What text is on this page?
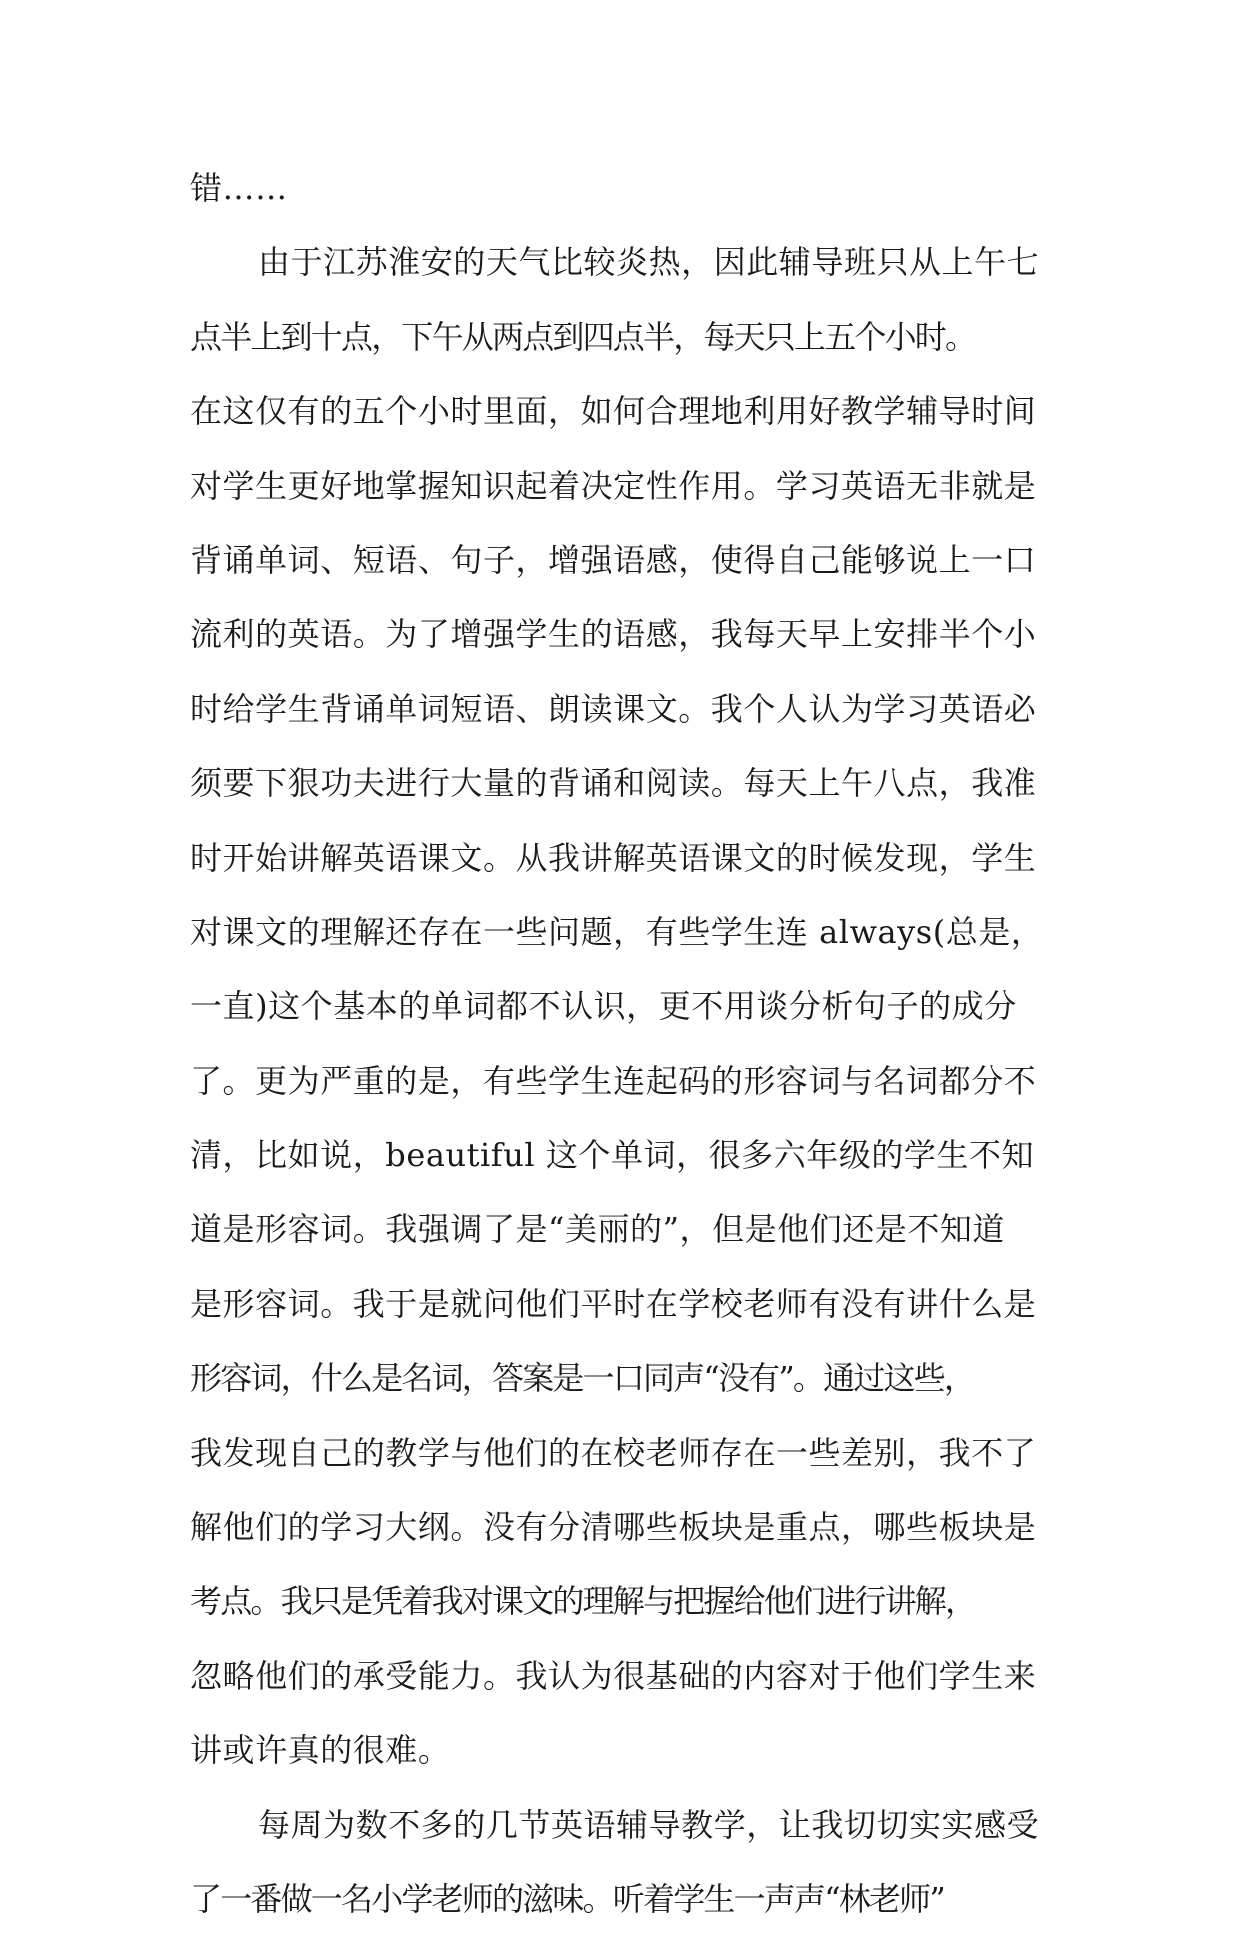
错……
由于江苏淮安的天气比较炎热，因此辅导班只从上午七
点半上到十点，下午从两点到四点半，每天只上五个小时。
在这仅有的五个小时里面，如何合理地利用好教学辅导时间
对学生更好地掌握知识起着决定性作用。学习英语无非就是
背诵单词、短语、句子，增强语感，使得自己能够说上一口
流利的英语。为了增强学生的语感，我每天早上安排半个小
时给学生背诵单词短语、朗读课文。我个人认为学习英语必
须要下狠功夫进行大量的背诵和阅读。每天上午八点，我准
时开始讲解英语课文。从我讲解英语课文的时候发现，学生
对课文的理解还存在一些问题，有些学生连 always(总是，
一直)这个基本的单词都不认识，更不用谈分析句子的成分
了。更为严重的是，有些学生连起码的形容词与名词都分不
清，比如说，beautiful 这个单词，很多六年级的学生不知
道是形容词。我强调了是“美丽的”，但是他们还是不知道
是形容词。我于是就问他们平时在学校老师有没有讲什么是
形容词，什么是名词，答案是一口同声“没有”。通过这些，
我发现自己的教学与他们的在校老师存在一些差别，我不了
解他们的学习大纲。没有分清哪些板块是重点，哪些板块是
考点。我只是凭着我对课文的理解与把握给他们进行讲解，
忽略他们的承受能力。我认为很基础的内容对于他们学生来
讲或许真的很难。
每周为数不多的几节英语辅导教学，让我切切实实感受
了一番做一名小学老师的滋味。听着学生一声声“林老师”
